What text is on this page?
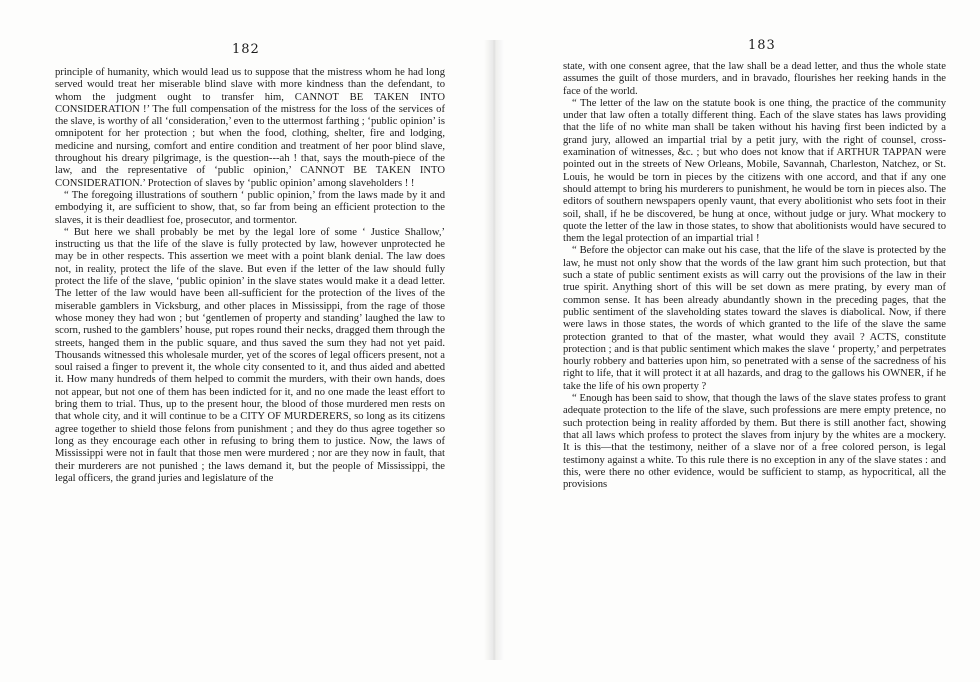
182

principle of humanity, which would lead us to suppose that the mistress whom he had long served would treat her miserable blind slave with more kindness than the defendant, to whom the judgment ought to transfer him, CANNOT BE TAKEN INTO CONSIDERATION !’ The full compensation of the mistress for the loss of the services of the slave, is worthy of all ‘consideration,’ even to the uttermost farthing ; ‘public opinion’ is omnipotent for her protection ; but when the food, clothing, shelter, fire and lodging, medicine and nursing, comfort and entire condition and treatment of her poor blind slave, throughout his dreary pilgrimage, is the question---ah ! that, says the mouth-piece of the law, and the representative of ‘public opinion,’ CANNOT BE TAKEN INTO CONSIDERATION.’ Protection of slaves by ‘public opinion’ among slaveholders ! !

“ The foregoing illustrations of southern ‘ public opinion,’ from the laws made by it and embodying it, are sufficient to show, that, so far from being an efficient protection to the slaves, it is their deadliest foe, prosecutor, and tormentor.

“ But here we shall probably be met by the legal lore of some ‘ Justice Shallow,’ instructing us that the life of the slave is fully protected by law, however unprotected he may be in other respects. This assertion we meet with a point blank denial. The law does not, in reality, protect the life of the slave. But even if the letter of the law should fully protect the life of the slave, ‘public opinion’ in the slave states would make it a dead letter. The letter of the law would have been all-sufficient for the protection of the lives of the miserable gamblers in Vicksburg, and other places in Mississippi, from the rage of those whose money they had won ; but ‘gentlemen of property and standing’ laughed the law to scorn, rushed to the gamblers’ house, put ropes round their necks, dragged them through the streets, hanged them in the public square, and thus saved the sum they had not yet paid. Thousands witnessed this wholesale murder, yet of the scores of legal officers present, not a soul raised a finger to prevent it, the whole city consented to it, and thus aided and abetted it. How many hundreds of them helped to commit the murders, with their own hands, does not appear, but not one of them has been indicted for it, and no one made the least effort to bring them to trial. Thus, up to the present hour, the blood of those murdered men rests on that whole city, and it will continue to be a CITY OF MURDERERS, so long as its citizens agree together to shield those felons from punishment ; and they do thus agree together so long as they encourage each other in refusing to bring them to justice. Now, the laws of Mississippi were not in fault that those men were murdered ; nor are they now in fault, that their murderers are not punished ; the laws demand it, but the people of Mississippi, the legal officers, the grand juries and legislature of the

183

state, with one consent agree, that the law shall be a dead letter, and thus the whole state assumes the guilt of those murders, and in bravado, flourishes her reeking hands in the face of the world.

“ The letter of the law on the statute book is one thing, the practice of the community under that law often a totally different thing. Each of the slave states has laws providing that the life of no white man shall be taken without his having first been indicted by a grand jury, allowed an impartial trial by a petit jury, with the right of counsel, cross-examination of witnesses, &c. ; but who does not know that if ARTHUR TAPPAN were pointed out in the streets of New Orleans, Mobile, Savannah, Charleston, Natchez, or St. Louis, he would be torn in pieces by the citizens with one accord, and that if any one should attempt to bring his murderers to punishment, he would be torn in pieces also. The editors of southern newspapers openly vaunt, that every abolitionist who sets foot in their soil, shall, if he be discovered, be hung at once, without judge or jury. What mockery to quote the letter of the law in those states, to show that abolitionists would have secured to them the legal protection of an impartial trial !

“ Before the objector can make out his case, that the life of the slave is protected by the law, he must not only show that the words of the law grant him such protection, but that such a state of public sentiment exists as will carry out the provisions of the law in their true spirit. Anything short of this will be set down as mere prating, by every man of common sense. It has been already abundantly shown in the preceding pages, that the public sentiment of the slaveholding states toward the slaves is diabolical. Now, if there were laws in those states, the words of which granted to the life of the slave the same protection granted to that of the master, what would they avail ? ACTS, constitute protection ; and is that public sentiment which makes the slave ‘ property,’ and perpetrates hourly robbery and batteries upon him, so penetrated with a sense of the sacredness of his right to life, that it will protect it at all hazards, and drag to the gallows his OWNER, if he take the life of his own property ?

“ Enough has been said to show, that though the laws of the slave states profess to grant adequate protection to the life of the slave, such professions are mere empty pretence, no such protection being in reality afforded by them. But there is still another fact, showing that all laws which profess to protect the slaves from injury by the whites are a mockery. It is this—that the testimony, neither of a slave nor of a free colored person, is legal testimony against a white. To this rule there is no exception in any of the slave states : and this, were there no other evidence, would be sufficient to stamp, as hypocritical, all the provisions
